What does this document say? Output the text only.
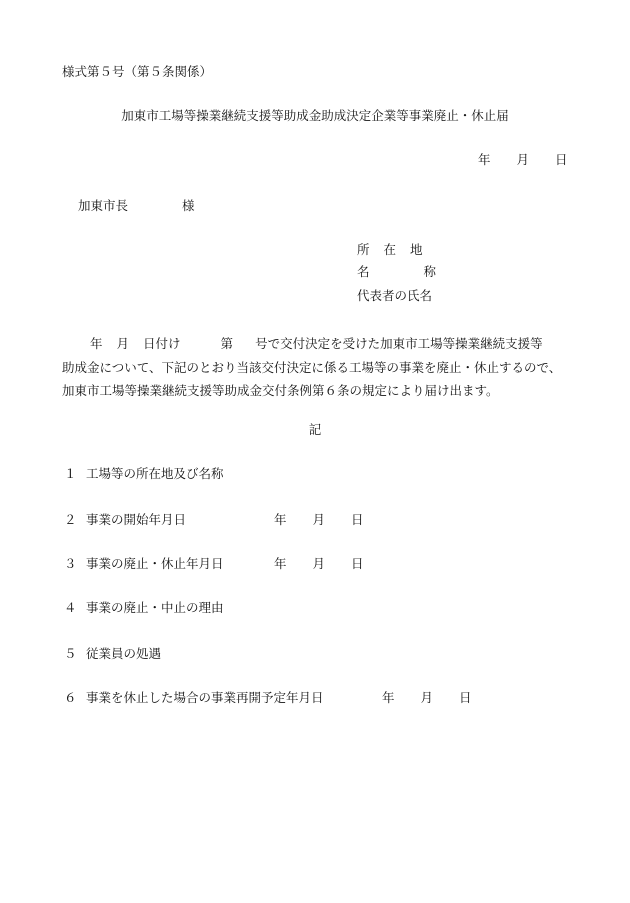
様式第５号（第５条関係）
加東市工場等操業継続支援等助成金助成決定企業等事業廃止・休止届
年 月 日
加東市長	様
所 在 地
名	称
代表者の氏名
年 月 日付け	第 号で交付決定を受けた加東市工場等操業継続支援等
助成金について、下記のとおり当該交付決定に係る工場等の事業を廃止・休止するので、
加東市工場等操業継続支援等助成金交付条例第６条の規定により届け出ます。
記
１ 工場等の所在地及び名称
２ 事業の開始年月日	年 月 日
３ 事業の廃止・休止年月日	年 月 日
４ 事業の廃止・中止の理由
５ 従業員の処遇
６ 事業を休止した場合の事業再開予定年月日	年 月 日
